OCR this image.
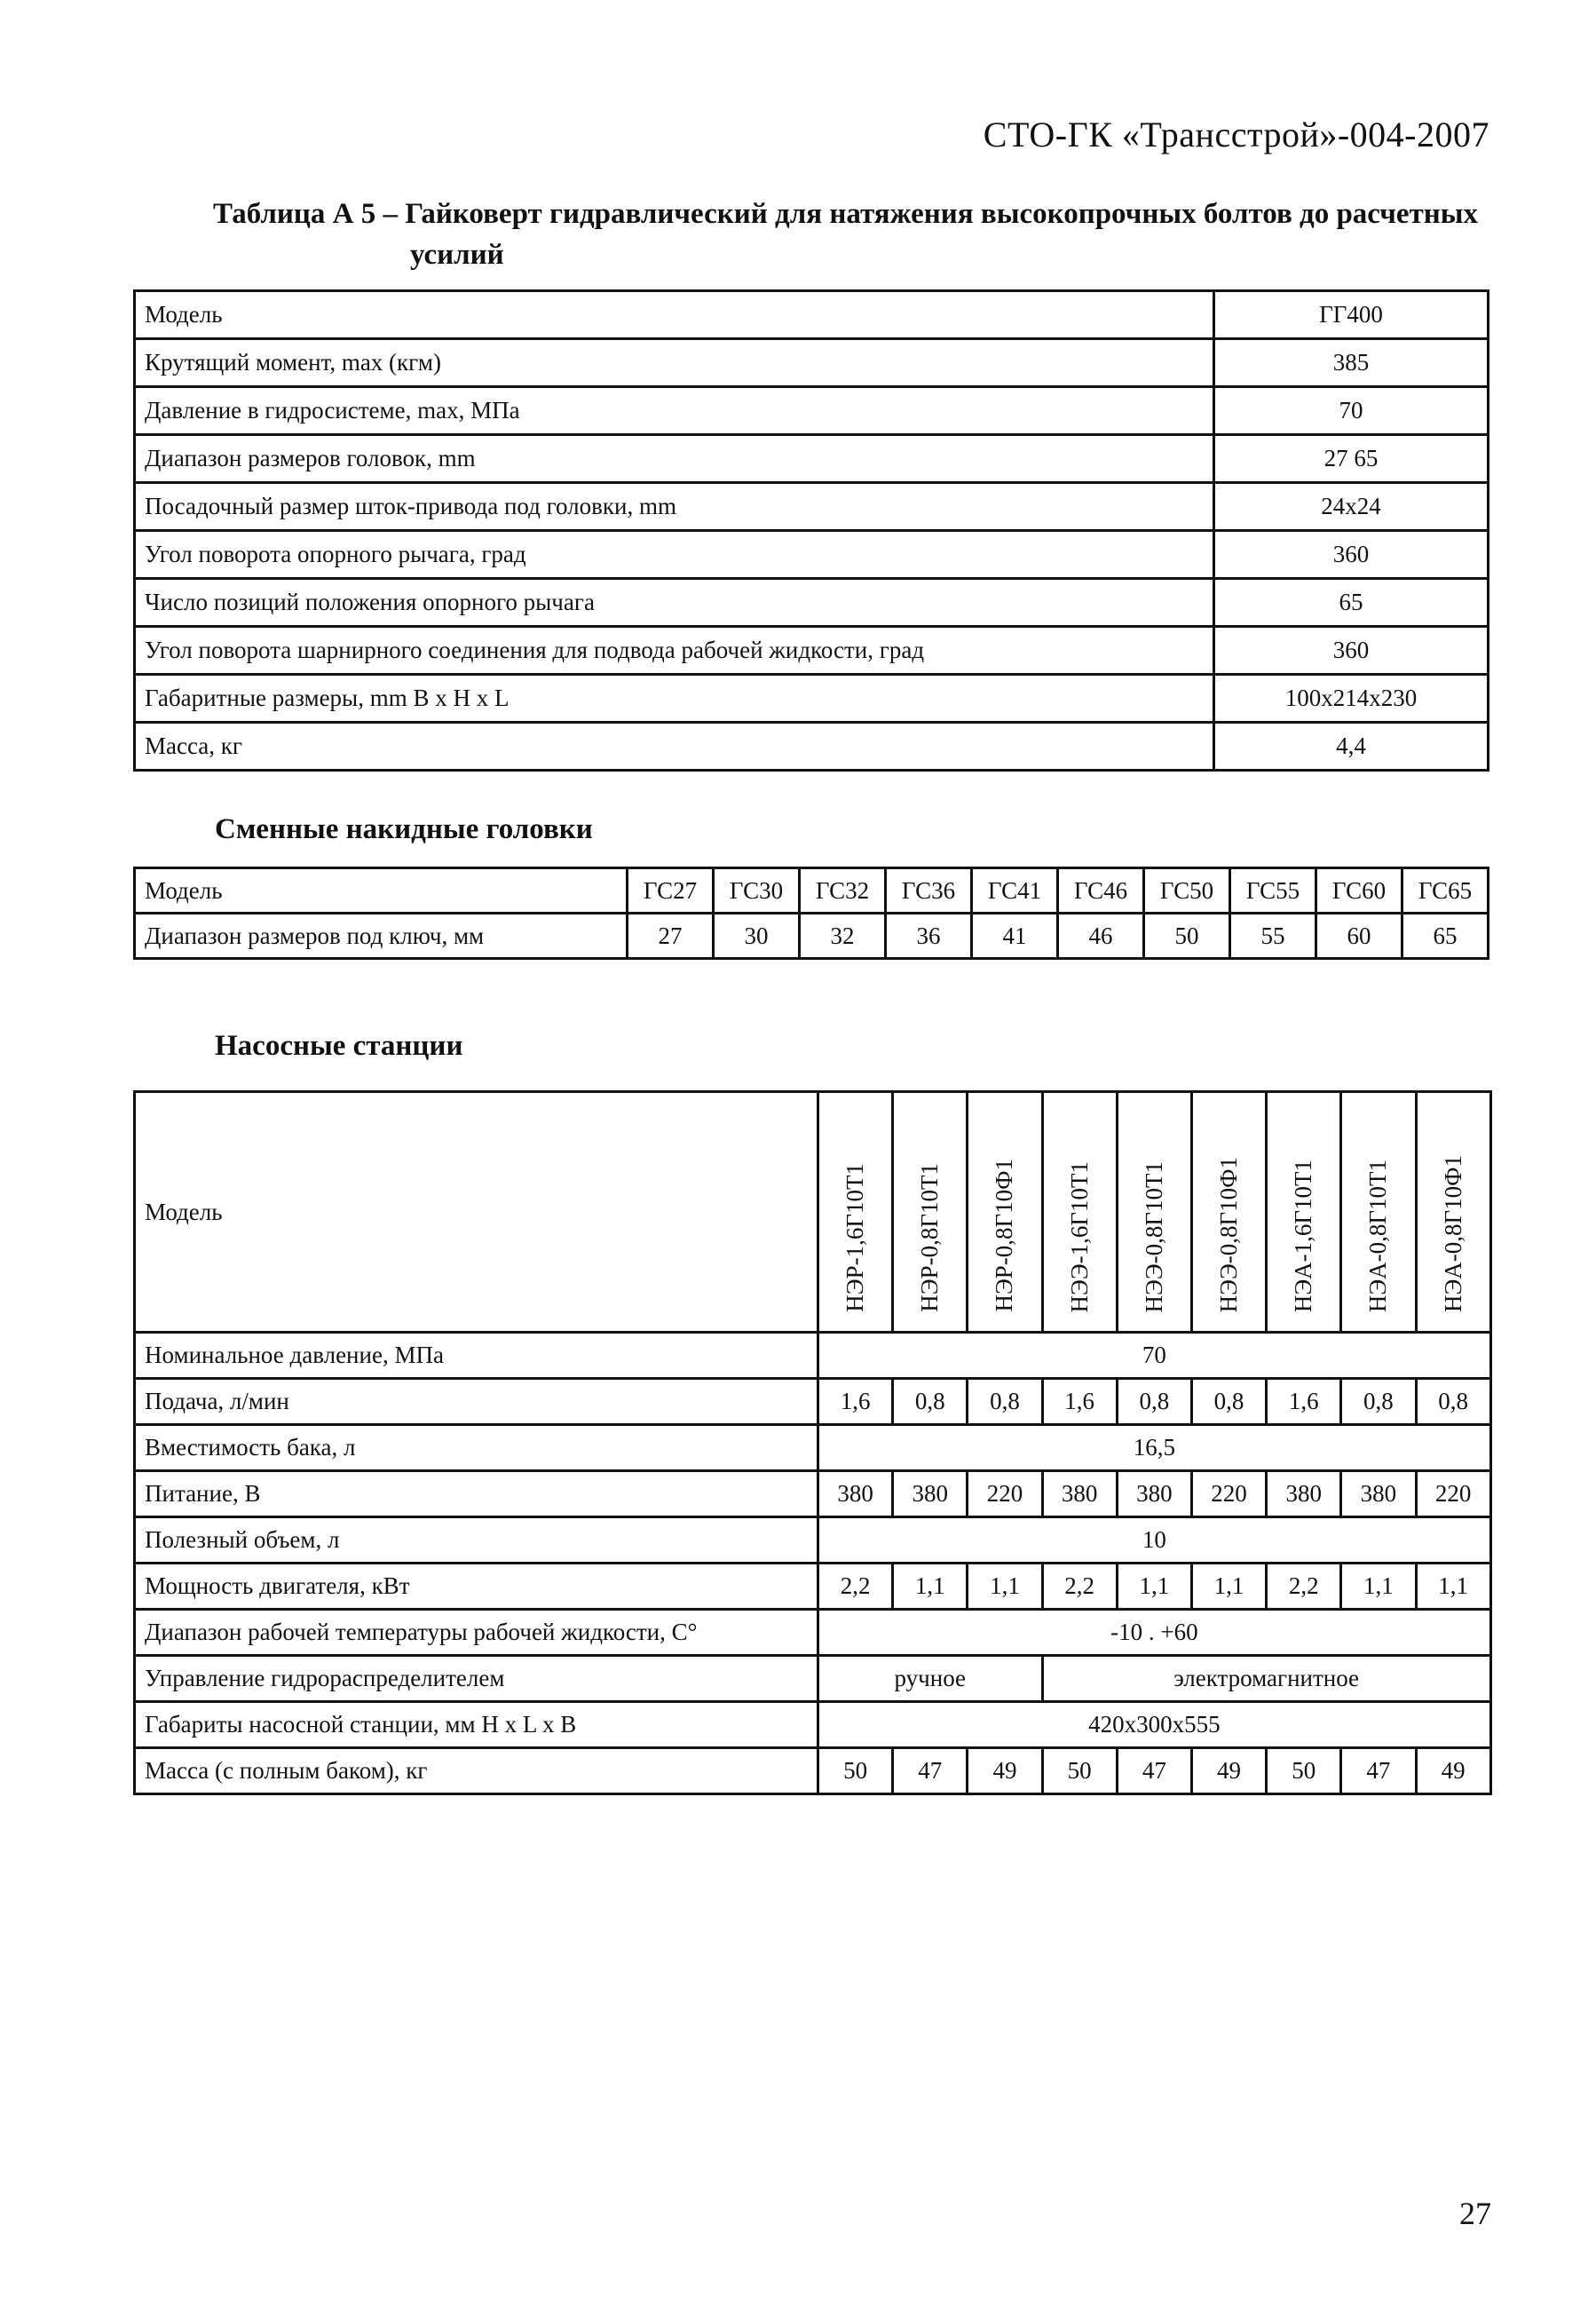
СТО-ГК «Трансстрой»-004-2007
Таблица А 5 – Гайковерт гидравлический для натяжения высокопрочных болтов до расчетных
усилий
Модель	ГГ400
Крутящий момент, max (кгм)	385
Давление в гидросистеме, max, МПа	70
Диапазон размеров головок, mm	27 65
Посадочный размер шток-привода под головки, mm	24x24
Угол поворота опорного рычага, град	360
Число позиций положения опорного рычага	65
Угол поворота шарнирного соединения для подвода рабочей жидкости, град	360
Габаритные размеры, mm B x H x L	100x214x230
Масса, кг	4,4
Сменные накидные головки
Модель	ГС27	ГС30	ГС32	ГС36	ГС41	ГС46	ГС50	ГС55	ГС60	ГС65
Диапазон размеров под ключ, мм	27	30	32	36	41	46	50	55	60	65
Насосные станции
Модель	НЭР-1,6Г10Т1	НЭР-0,8Г10Т1	НЭР-0,8Г10Ф1	НЭЭ-1,6Г10Т1	НЭЭ-0,8Г10Т1	НЭЭ-0,8Г10Ф1	НЭА-1,6Г10Т1	НЭА-0,8Г10Т1	НЭА-0,8Г10Ф1
Номинальное давление, МПа	70								
Подача, л/мин	1,6	0,8	0,8	1,6	0,8	0,8	1,6	0,8	0,8
Вместимость бака, л	16,5								
Питание, В	380	380	220	380	380	220	380	380	220
Полезный объем, л	10								
Мощность двигателя, кВт	2,2	1,1	1,1	2,2	1,1	1,1	2,2	1,1	1,1
Диапазон рабочей температуры рабочей жидкости, С°	-10 . +60								
Управление гидрораспределителем	ручное			электромагнитное					
Габариты насосной станции, мм H x L x B	420x300x555								
Масса (с полным баком), кг	50	47	49	50	47	49	50	47	49
27
